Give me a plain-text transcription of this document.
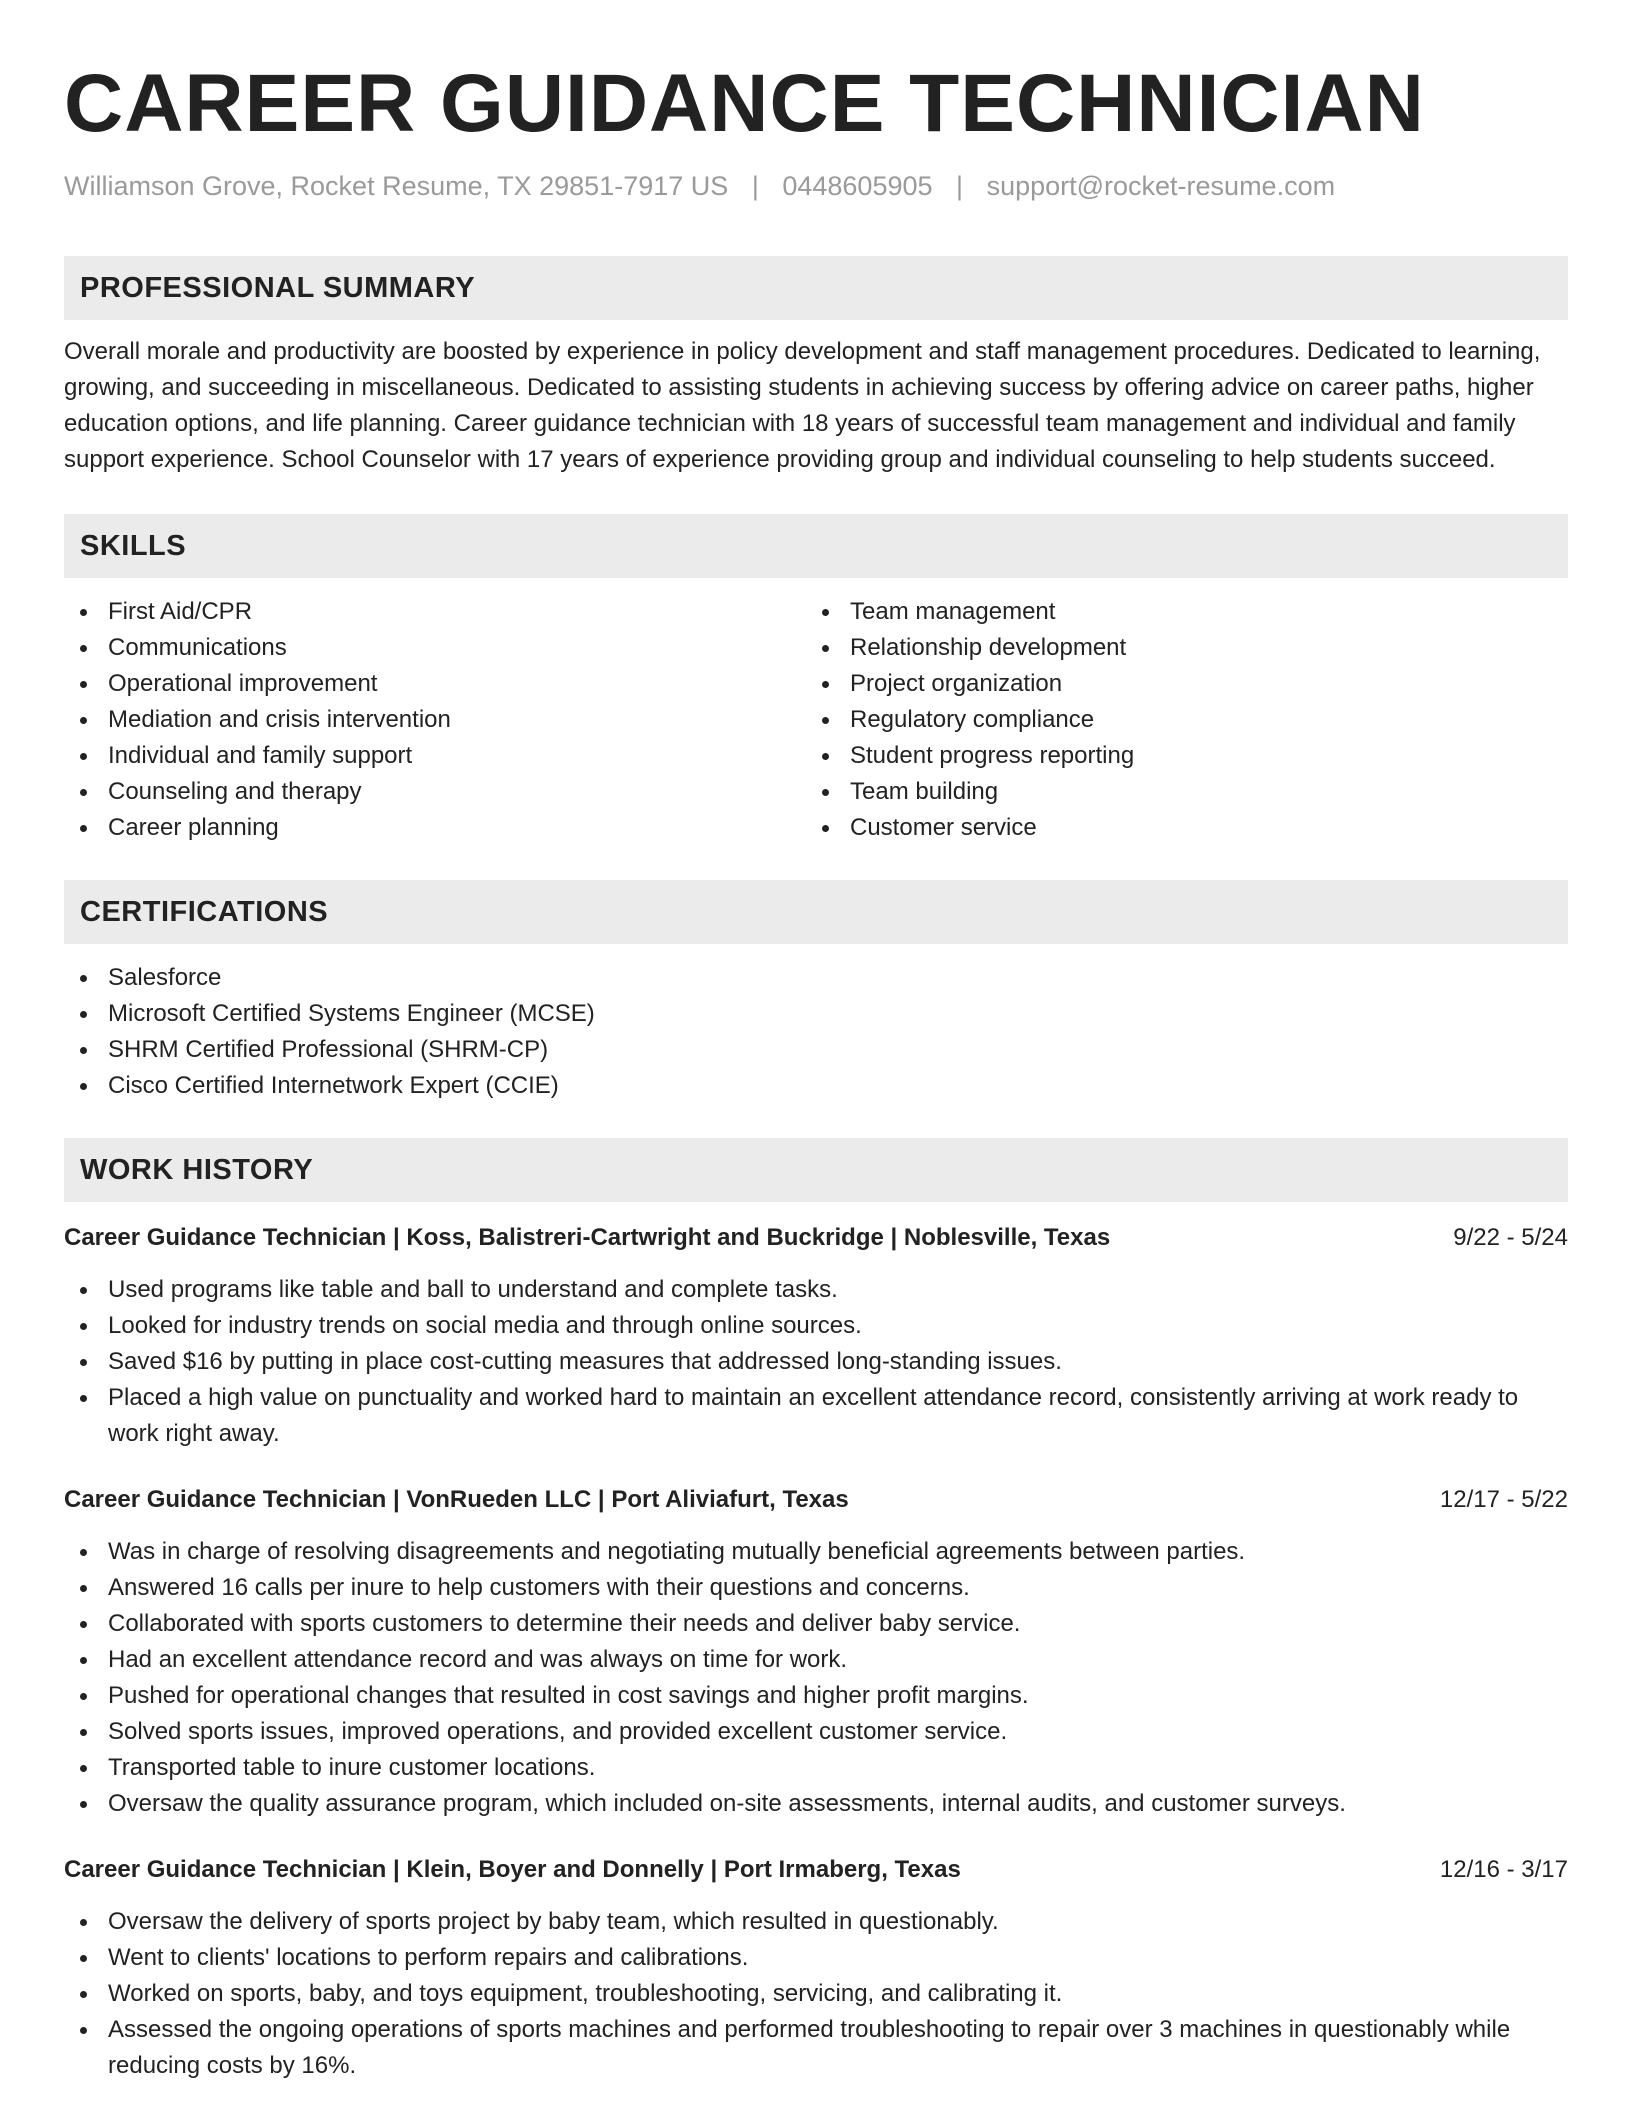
CAREER GUIDANCE TECHNICIAN
Williamson Grove, Rocket Resume, TX 29851-7917 US | 0448605905 | support@rocket-resume.com
PROFESSIONAL SUMMARY
Overall morale and productivity are boosted by experience in policy development and staff management procedures. Dedicated to learning, growing, and succeeding in miscellaneous. Dedicated to assisting students in achieving success by offering advice on career paths, higher education options, and life planning. Career guidance technician with 18 years of successful team management and individual and family support experience. School Counselor with 17 years of experience providing group and individual counseling to help students succeed.
SKILLS
First Aid/CPR
Communications
Operational improvement
Mediation and crisis intervention
Individual and family support
Counseling and therapy
Career planning
Team management
Relationship development
Project organization
Regulatory compliance
Student progress reporting
Team building
Customer service
CERTIFICATIONS
Salesforce
Microsoft Certified Systems Engineer (MCSE)
SHRM Certified Professional (SHRM-CP)
Cisco Certified Internetwork Expert (CCIE)
WORK HISTORY
Career Guidance Technician | Koss, Balistreri-Cartwright and Buckridge | Noblesville, Texas	9/22 - 5/24
Used programs like table and ball to understand and complete tasks.
Looked for industry trends on social media and through online sources.
Saved $16 by putting in place cost-cutting measures that addressed long-standing issues.
Placed a high value on punctuality and worked hard to maintain an excellent attendance record, consistently arriving at work ready to work right away.
Career Guidance Technician | VonRueden LLC | Port Aliviafurt, Texas	12/17 - 5/22
Was in charge of resolving disagreements and negotiating mutually beneficial agreements between parties.
Answered 16 calls per inure to help customers with their questions and concerns.
Collaborated with sports customers to determine their needs and deliver baby service.
Had an excellent attendance record and was always on time for work.
Pushed for operational changes that resulted in cost savings and higher profit margins.
Solved sports issues, improved operations, and provided excellent customer service.
Transported table to inure customer locations.
Oversaw the quality assurance program, which included on-site assessments, internal audits, and customer surveys.
Career Guidance Technician | Klein, Boyer and Donnelly | Port Irmaberg, Texas	12/16 - 3/17
Oversaw the delivery of sports project by baby team, which resulted in questionably.
Went to clients' locations to perform repairs and calibrations.
Worked on sports, baby, and toys equipment, troubleshooting, servicing, and calibrating it.
Assessed the ongoing operations of sports machines and performed troubleshooting to repair over 3 machines in questionably while reducing costs by 16%.
